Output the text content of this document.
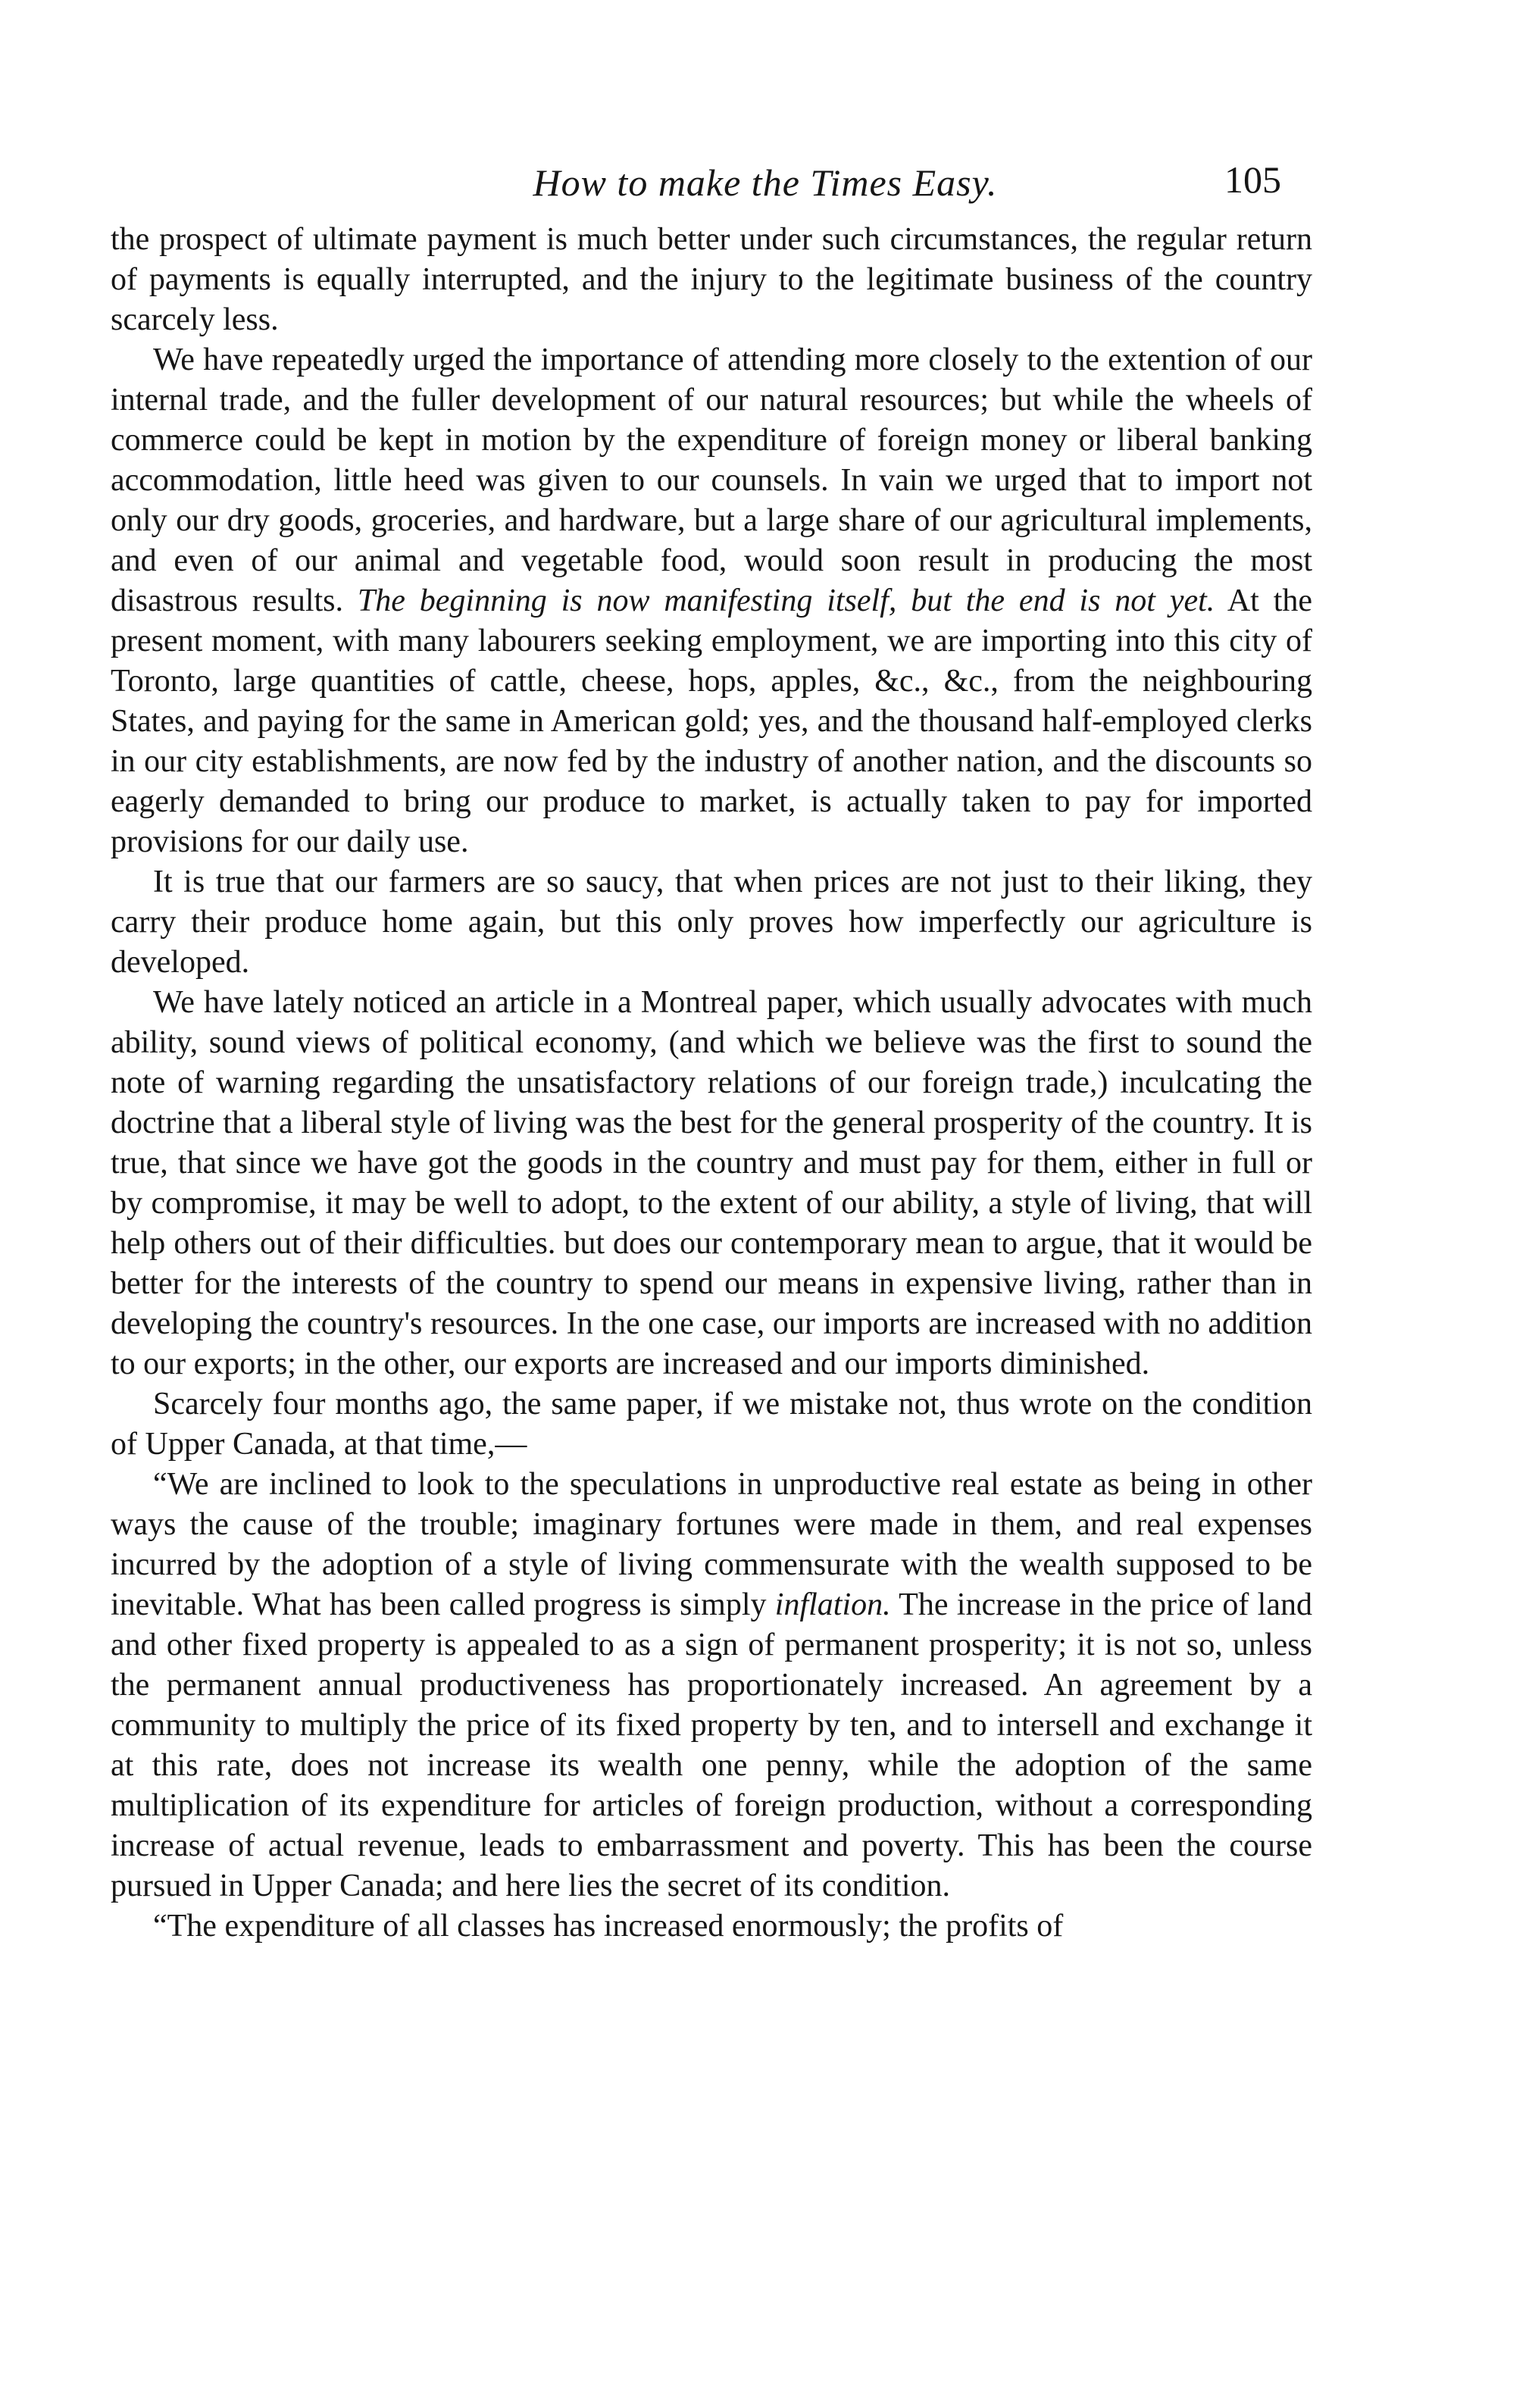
How to make the Times Easy.	105

the prospect of ultimate payment is much better under such circumstances, the regular return of payments is equally interrupted, and the injury to the legitimate business of the country scarcely less.

We have repeatedly urged the importance of attending more closely to the extention of our internal trade, and the fuller development of our natural resources; but while the wheels of commerce could be kept in motion by the expenditure of foreign money or liberal banking accommodation, little heed was given to our counsels. In vain we urged that to import not only our dry goods, groceries, and hardware, but a large share of our agricultural implements, and even of our animal and vegetable food, would soon result in producing the most disastrous results. The beginning is now manifesting itself, but the end is not yet. At the present moment, with many labourers seeking employment, we are importing into this city of Toronto, large quantities of cattle, cheese, hops, apples, &c., &c., from the neighbouring States, and paying for the same in American gold; yes, and the thousand half-employed clerks in our city establishments, are now fed by the industry of another nation, and the discounts so eagerly demanded to bring our produce to market, is actually taken to pay for imported provisions for our daily use.

It is true that our farmers are so saucy, that when prices are not just to their liking, they carry their produce home again, but this only proves how imperfectly our agriculture is developed.

We have lately noticed an article in a Montreal paper, which usually advocates with much ability, sound views of political economy, (and which we believe was the first to sound the note of warning regarding the unsatisfactory relations of our foreign trade,) inculcating the doctrine that a liberal style of living was the best for the general prosperity of the country. It is true, that since we have got the goods in the country and must pay for them, either in full or by compromise, it may be well to adopt, to the extent of our ability, a style of living, that will help others out of their difficulties. but does our contemporary mean to argue, that it would be better for the interests of the country to spend our means in expensive living, rather than in developing the country's resources. In the one case, our imports are increased with no addition to our exports; in the other, our exports are increased and our imports diminished.

Scarcely four months ago, the same paper, if we mistake not, thus wrote on the condition of Upper Canada, at that time,—

“We are inclined to look to the speculations in unproductive real estate as being in other ways the cause of the trouble; imaginary fortunes were made in them, and real expenses incurred by the adoption of a style of living commensurate with the wealth supposed to be inevitable. What has been called progress is simply inflation. The increase in the price of land and other fixed property is appealed to as a sign of permanent prosperity; it is not so, unless the permanent annual productiveness has proportionately increased. An agreement by a community to multiply the price of its fixed property by ten, and to intersell and exchange it at this rate, does not increase its wealth one penny, while the adoption of the same multiplication of its expenditure for articles of foreign production, without a corresponding increase of actual revenue, leads to embarrassment and poverty. This has been the course pursued in Upper Canada; and here lies the secret of its condition.

“The expenditure of all classes has increased enormously; the profits of
